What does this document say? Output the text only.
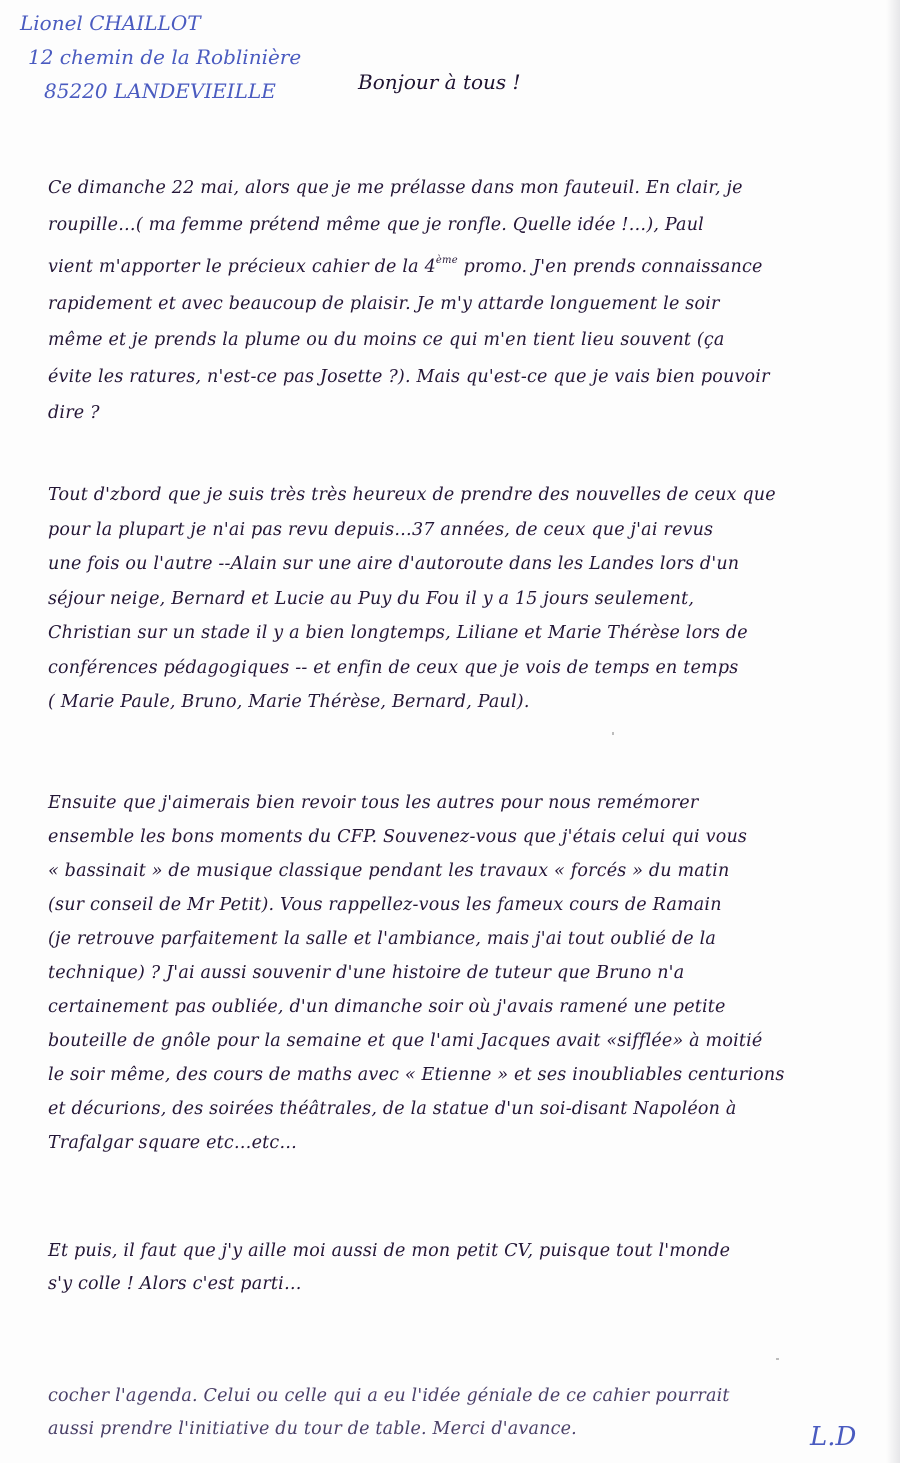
Lionel CHAILLOT
12 chemin de la Roblinière
85220 LANDEVIEILLE	Bonjour à tous !
Ce dimanche 22 mai, alors que je me prélasse dans mon fauteuil. En clair, je
roupille…( ma femme prétend même que je ronfle. Quelle idée !…), Paul
vient m'apporter le précieux cahier de la 4ème promo. J'en prends connaissance
rapidement et avec beaucoup de plaisir. Je m'y attarde longuement le soir
même et je prends la plume ou du moins ce qui m'en tient lieu souvent (ça
évite les ratures, n'est-ce pas Josette ?). Mais qu'est-ce que je vais bien pouvoir
dire ?
Tout d'zbord que je suis très très heureux de prendre des nouvelles de ceux que
pour la plupart je n'ai pas revu depuis…37 années, de ceux que j'ai revus
une fois ou l'autre --Alain sur une aire d'autoroute dans les Landes lors d'un
séjour neige, Bernard et Lucie au Puy du Fou il y a 15 jours seulement,
Christian sur un stade il y a bien longtemps, Liliane et Marie Thérèse lors de
conférences pédagogiques -- et enfin de ceux que je vois de temps en temps
( Marie Paule, Bruno, Marie Thérèse, Bernard, Paul).
Ensuite que j'aimerais bien revoir tous les autres pour nous remémorer
ensemble les bons moments du CFP. Souvenez-vous que j'étais celui qui vous
« bassinait » de musique classique pendant les travaux « forcés » du matin
(sur conseil de Mr Petit). Vous rappellez-vous les fameux cours de Ramain
(je retrouve parfaitement la salle et l'ambiance, mais j'ai tout oublié de la
technique) ? J'ai aussi souvenir d'une histoire de tuteur que Bruno n'a
certainement pas oubliée, d'un dimanche soir où j'avais ramené une petite
bouteille de gnôle pour la semaine et que l'ami Jacques avait «sifflée» à moitié
le soir même, des cours de maths avec « Etienne » et ses inoubliables centurions
et décurions, des soirées théâtrales, de la statue d'un soi-disant Napoléon à
Trafalgar square etc…etc…
Et puis, il faut que j'y aille moi aussi de mon petit CV, puisque tout l'monde
s'y colle ! Alors c'est parti…
cocher l'agenda. Celui ou celle qui a eu l'idée géniale de ce cahier pourrait
aussi prendre l'initiative du tour de table. Merci d'avance.	L.D
